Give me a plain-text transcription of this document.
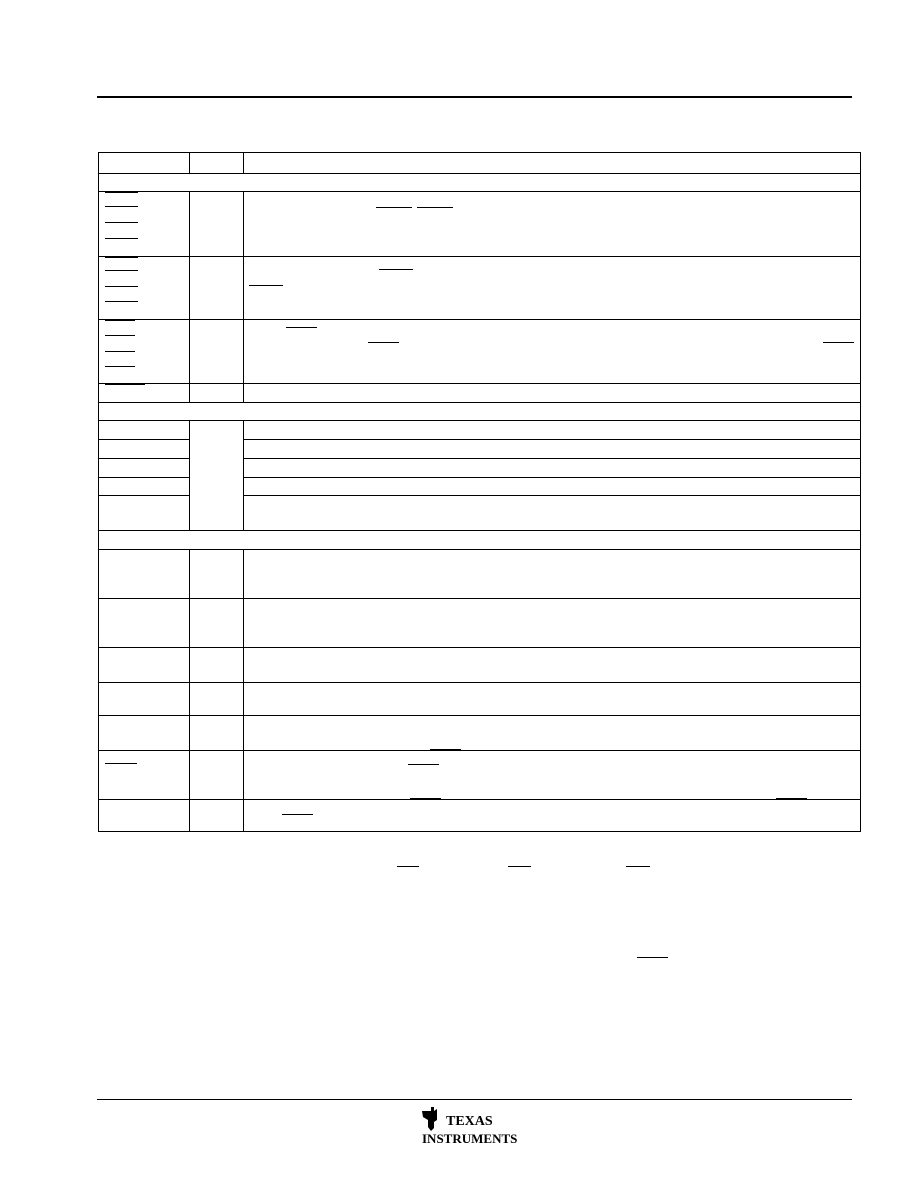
TEXAS
INSTRUMENTS
